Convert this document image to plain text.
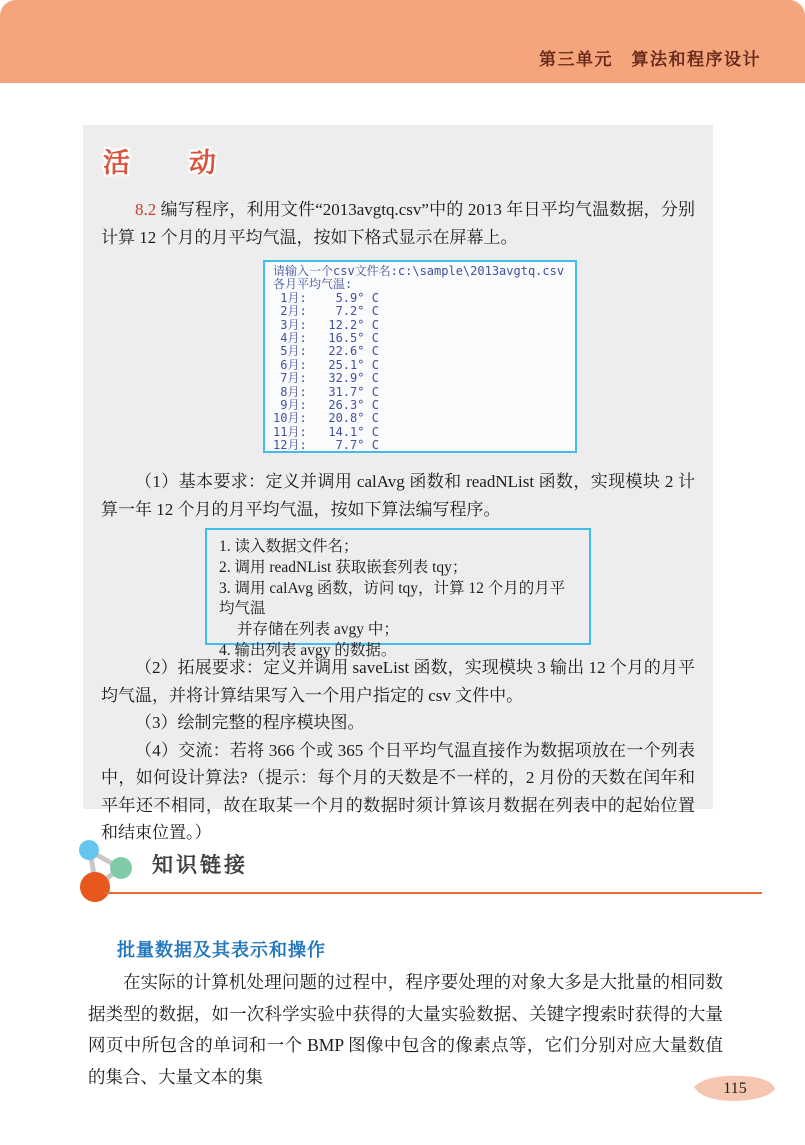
第三单元　算法和程序设计
活　动

8.2 编写程序，利用文件“2013avgtq.csv”中的 2013 年日平均气温数据，分别计算 12 个月的月平均气温，按如下格式显示在屏幕上。

请输入一个csv文件名:c:\sample\2013avgtq.csv
各月平均气温:
1月:    5.9° C
2月:    7.2° C
3月:   12.2° C
4月:   16.5° C
5月:   22.6° C
6月:   25.1° C
7月:   32.9° C
8月:   31.7° C
9月:   26.3° C
10月:   20.8° C
11月:   14.1° C
12月:    7.7° C

（1）基本要求：定义并调用 calAvg 函数和 readNList 函数，实现模块 2 计算一年 12 个月的月平均气温，按如下算法编写程序。

1. 读入数据文件名；
2. 调用 readNList 获取嵌套列表 tqy；
3. 调用 calAvg 函数，访问 tqy，计算 12 个月的月平均气温
并存储在列表 avgy 中；
4. 输出列表 avgy 的数据。

（2）拓展要求：定义并调用 saveList 函数，实现模块 3 输出 12 个月的月平均气温，并将计算结果写入一个用户指定的 csv 文件中。

（3）绘制完整的程序模块图。

（4）交流：若将 366 个或 365 个日平均气温直接作为数据项放在一个列表中，如何设计算法?（提示：每个月的天数是不一样的，2 月份的天数在闰年和平年还不相同，故在取某一个月的数据时须计算该月数据在列表中的起始位置和结束位置。）

知识链接
批量数据及其表示和操作

在实际的计算机处理问题的过程中，程序要处理的对象大多是大批量的相同数据类型的数据，如一次科学实验中获得的大量实验数据、关键字搜索时获得的大量网页中所包含的单词和一个 BMP 图像中包含的像素点等，它们分别对应大量数值的集合、大量文本的集

115
